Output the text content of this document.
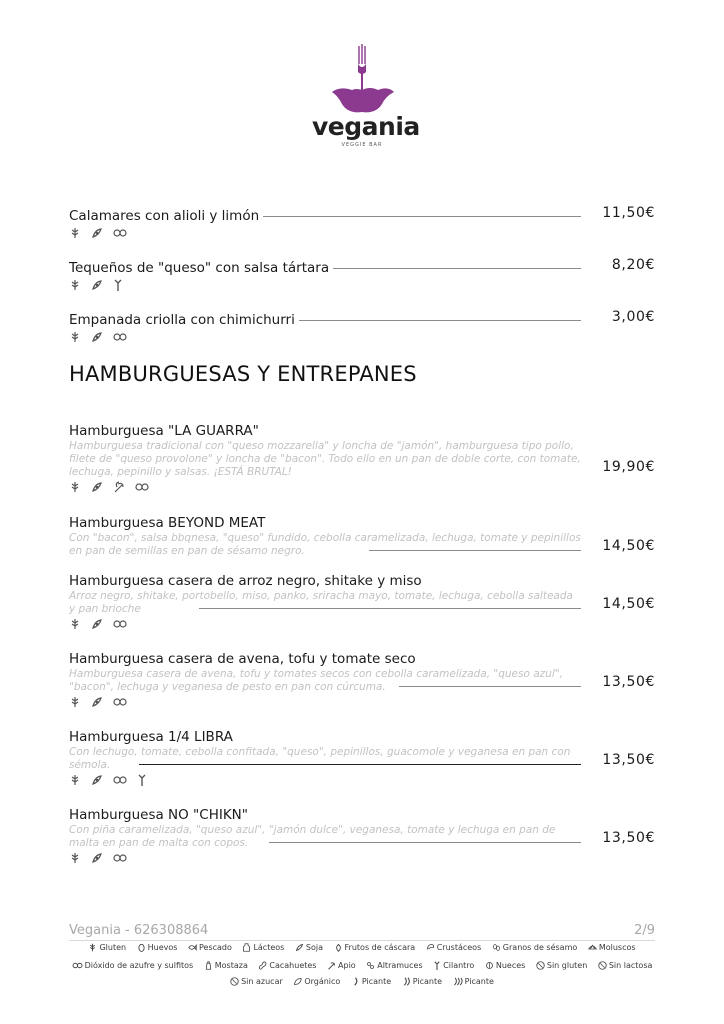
vegania
VEGGIE BAR
Calamares con alioli y limón	11,50€

Tequeños de "queso" con salsa tártara	8,20€

Empanada criolla con chimichurri	3,00€

HAMBURGUESAS Y ENTREPANES
Hamburguesa "LA GUARRA"
Hamburguesa tradicional con "queso mozzarella" y loncha de "jamón", hamburguesa tipo pollo, filete de "queso provolone" y loncha de "bacon". Todo ello en un pan de doble corte, con tomate, lechuga, pepinillo y salsas. ¡ESTÁ BRUTAL!	19,90€

Hamburguesa BEYOND MEAT
Con "bacon", salsa bbqnesa, "queso" fundido, cebolla caramelizada, lechuga, tomate y pepinillos en pan de semillas en pan de sésamo negro.	14,50€
Hamburguesa casera de arroz negro, shitake y miso
Arroz negro, shitake, portobello, miso, panko, sriracha mayo, tomate, lechuga, cebolla salteada y pan brioche	14,50€

Hamburguesa casera de avena, tofu y tomate seco
Hamburguesa casera de avena, tofu y tomates secos con cebolla caramelizada, "queso azul", "bacon", lechuga y veganesa de pesto en pan con cúrcuma.	13,50€

Hamburguesa 1/4 LIBRA
Con lechugo, tomate, cebolla confitada, "queso", pepinillos, guacomole y veganesa en pan con sémola.	13,50€

Hamburguesa NO "CHIKN"
Con piña caramelizada, "queso azul", "jamón dulce", veganesa, tomate y lechuga en pan de malta en pan de malta con copos.	13,50€

Vegania - 626308864	2/9
Gluten	Huevos	Pescado	Lácteos	Soja	Frutos de cáscara	Crustáceos	Granos de sésamo	Moluscos
Dióxido de azufre y sulfitos	Mostaza	Cacahuetes	Apio	Altramuces	Cilantro	Nueces	Sin gluten	Sin lactosa
Sin azucar	Orgánico	Picante	Picante	Picante
